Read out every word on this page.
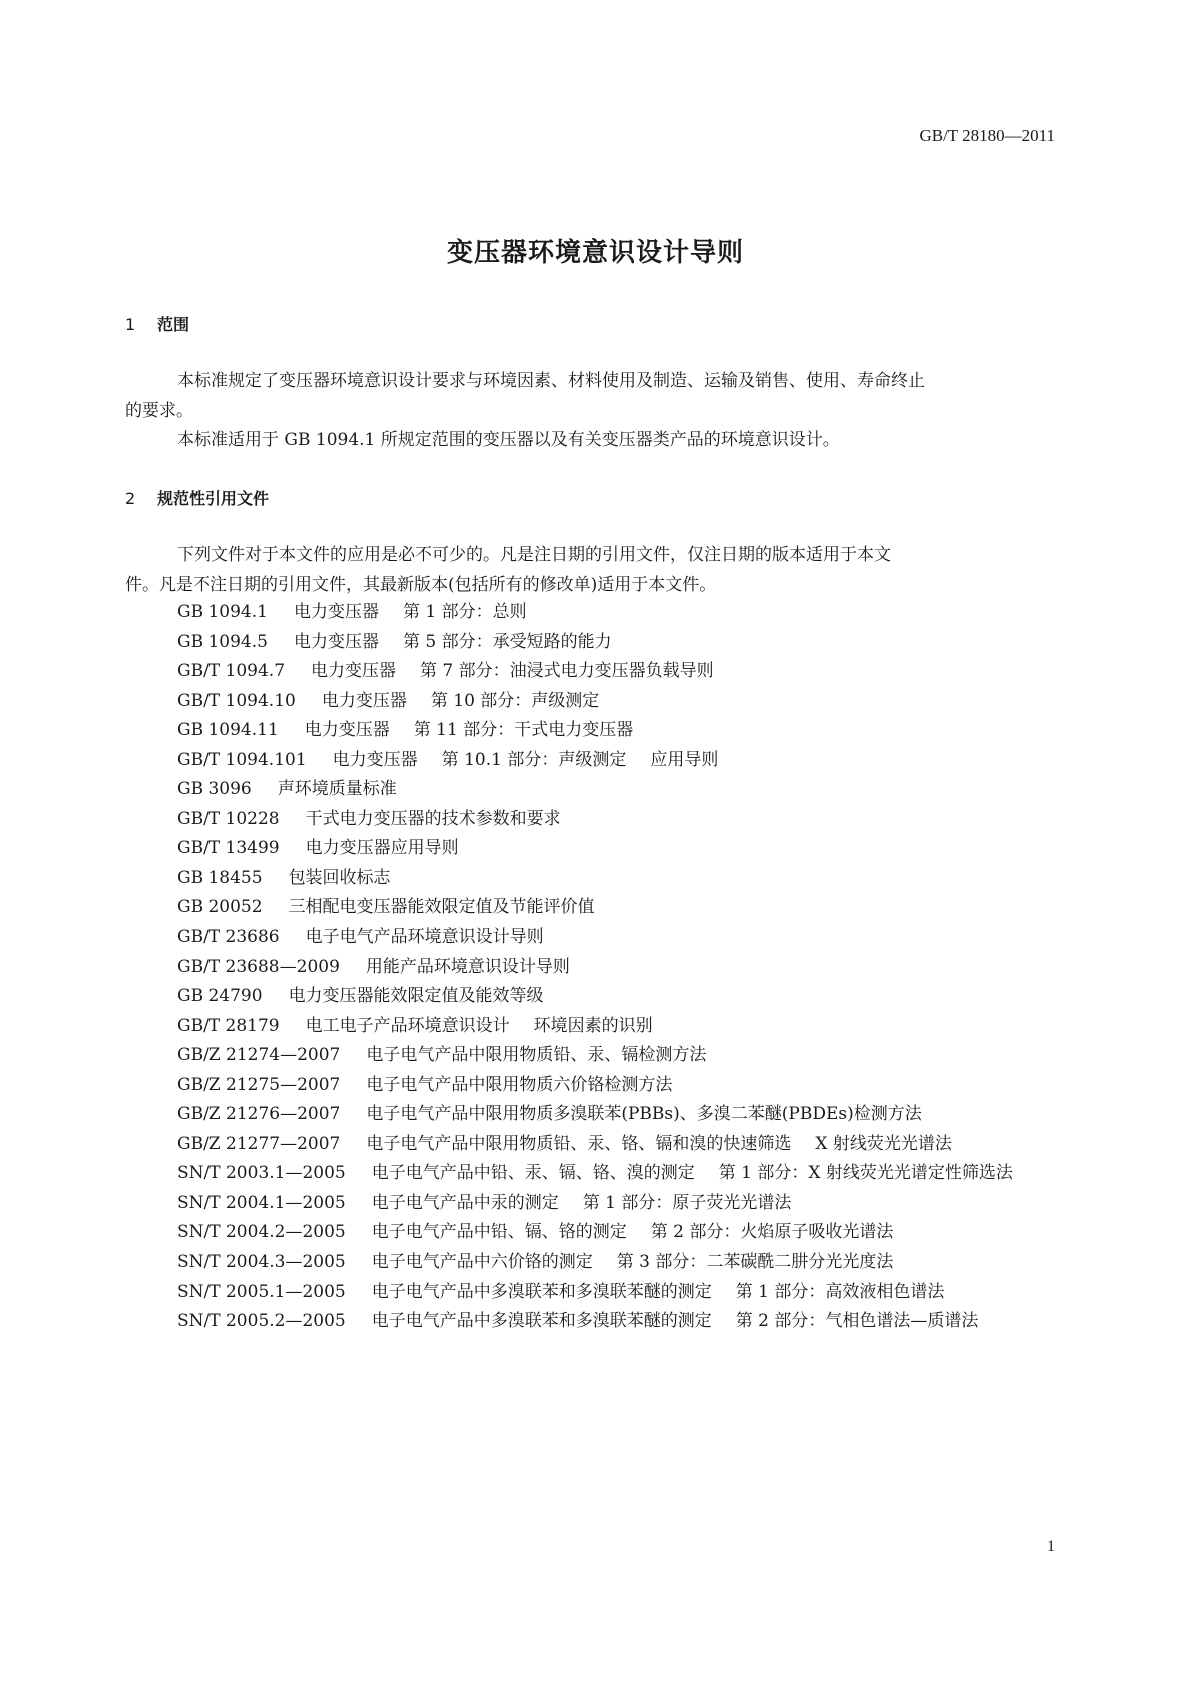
GB/T 28180—2011
变压器环境意识设计导则
1 范围
本标准规定了变压器环境意识设计要求与环境因素、材料使用及制造、运输及销售、使用、寿命终止
的要求。
本标准适用于 GB 1094.1 所规定范围的变压器以及有关变压器类产品的环境意识设计。
2 规范性引用文件
下列文件对于本文件的应用是必不可少的。凡是注日期的引用文件，仅注日期的版本适用于本文
件。凡是不注日期的引用文件，其最新版本(包括所有的修改单)适用于本文件。
GB 1094.1 电力变压器 第 1 部分：总则
GB 1094.5 电力变压器 第 5 部分：承受短路的能力
GB/T 1094.7 电力变压器 第 7 部分：油浸式电力变压器负载导则
GB/T 1094.10 电力变压器 第 10 部分：声级测定
GB 1094.11 电力变压器 第 11 部分：干式电力变压器
GB/T 1094.101 电力变压器 第 10.1 部分：声级测定 应用导则
GB 3096 声环境质量标准
GB/T 10228 干式电力变压器的技术参数和要求
GB/T 13499 电力变压器应用导则
GB 18455 包装回收标志
GB 20052 三相配电变压器能效限定值及节能评价值
GB/T 23686 电子电气产品环境意识设计导则
GB/T 23688—2009 用能产品环境意识设计导则
GB 24790 电力变压器能效限定值及能效等级
GB/T 28179 电工电子产品环境意识设计 环境因素的识别
GB/Z 21274—2007 电子电气产品中限用物质铅、汞、镉检测方法
GB/Z 21275—2007 电子电气产品中限用物质六价铬检测方法
GB/Z 21276—2007 电子电气产品中限用物质多溴联苯(PBBs)、多溴二苯醚(PBDEs)检测方法
GB/Z 21277—2007 电子电气产品中限用物质铅、汞、铬、镉和溴的快速筛选 X 射线荧光光谱法
SN/T 2003.1—2005 电子电气产品中铅、汞、镉、铬、溴的测定 第 1 部分：X 射线荧光光谱定性筛选法
SN/T 2004.1—2005 电子电气产品中汞的测定 第 1 部分：原子荧光光谱法
SN/T 2004.2—2005 电子电气产品中铅、镉、铬的测定 第 2 部分：火焰原子吸收光谱法
SN/T 2004.3—2005 电子电气产品中六价铬的测定 第 3 部分：二苯碳酰二肼分光光度法
SN/T 2005.1—2005 电子电气产品中多溴联苯和多溴联苯醚的测定 第 1 部分：高效液相色谱法
SN/T 2005.2—2005 电子电气产品中多溴联苯和多溴联苯醚的测定 第 2 部分：气相色谱法—质谱法
1
